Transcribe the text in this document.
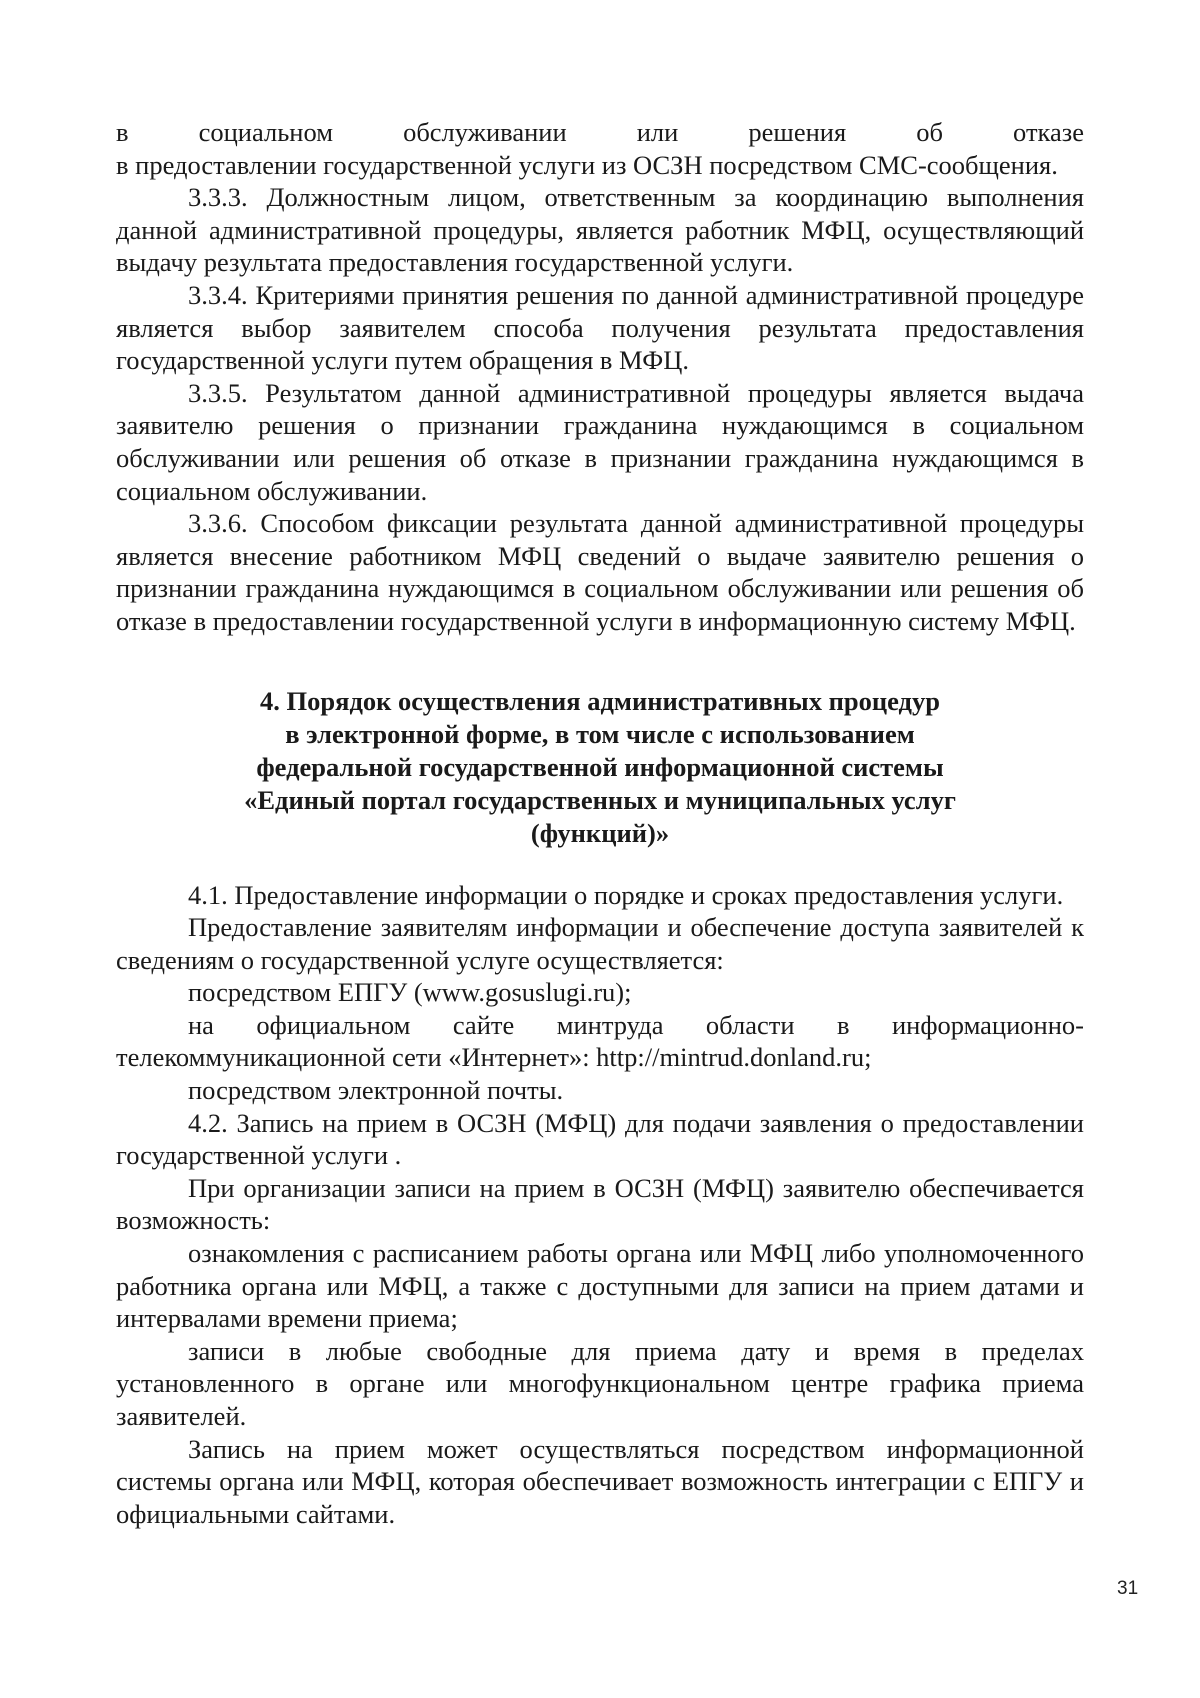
в социальном обслуживании или решения об отказе

в предоставлении государственной услуги из ОСЗН посредством СМС-сообщения.

3.3.3. Должностным лицом, ответственным за координацию выполнения данной административной процедуры, является работник МФЦ, осуществляющий выдачу результата предоставления государственной услуги.

3.3.4. Критериями принятия решения по данной административной процедуре является выбор заявителем способа получения результата предоставления государственной услуги путем обращения в МФЦ.

3.3.5. Результатом данной административной процедуры является выдача заявителю решения о признании гражданина нуждающимся в социальном обслуживании или решения об отказе в признании гражданина нуждающимся в социальном обслуживании.

3.3.6. Способом фиксации результата данной административной процедуры является внесение работником МФЦ сведений о выдаче заявителю решения о признании гражданина нуждающимся в социальном обслуживании или решения об отказе в предоставлении государственной услуги в информационную систему МФЦ.

4. Порядок осуществления административных процедур
в электронной форме, в том числе с использованием
федеральной государственной информационной системы
«Единый портал государственных и муниципальных услуг
(функций)»

4.1. Предоставление информации о порядке и сроках предоставления услуги.

Предоставление заявителям информации и обеспечение доступа заявителей к сведениям о государственной услуге осуществляется:

посредством ЕПГУ (www.gosuslugi.ru);

на официальном сайте минтруда области в информационно-телекоммуникационной сети «Интернет»: http://mintrud.donland.ru;

посредством электронной почты.

4.2. Запись на прием в ОСЗН (МФЦ) для подачи заявления о предоставлении государственной услуги .

При организации записи на прием в ОСЗН (МФЦ) заявителю обеспечивается возможность:

ознакомления с расписанием работы органа или МФЦ либо уполномоченного работника органа или МФЦ, а также с доступными для записи на прием датами и интервалами времени приема;

записи в любые свободные для приема дату и время в пределах установленного в органе или многофункциональном центре графика приема заявителей.

Запись на прием может осуществляться посредством информационной системы органа или МФЦ, которая обеспечивает возможность интеграции с ЕПГУ и официальными сайтами.

31
